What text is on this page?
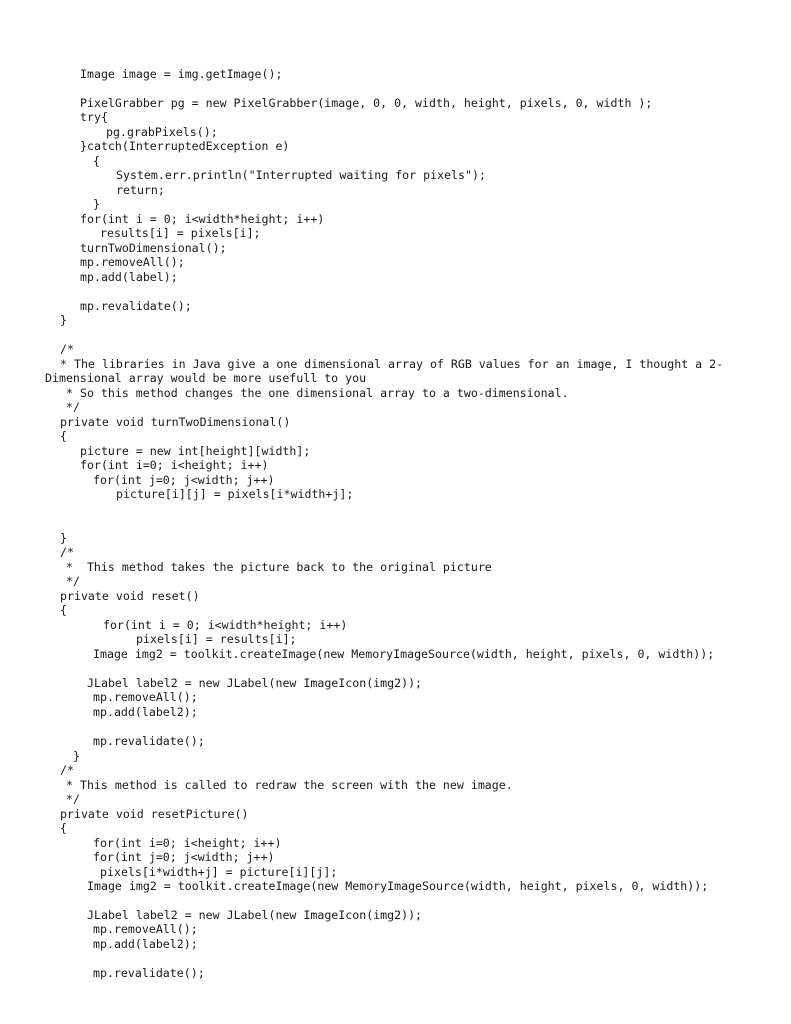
Image image = img.getImage();
PixelGrabber pg = new PixelGrabber(image, 0, 0, width, height, pixels, 0, width );
try{
pg.grabPixels();
}catch(InterruptedException e)
{
System.err.println("Interrupted waiting for pixels");
return;
}
for(int i = 0; i<width*height; i++)
results[i] = pixels[i];
turnTwoDimensional();
mp.removeAll();
mp.add(label);
mp.revalidate();
}
/*
* The libraries in Java give a one dimensional array of RGB values for an image, I thought a 2-
Dimensional array would be more usefull to you
* So this method changes the one dimensional array to a two-dimensional.
*/
private void turnTwoDimensional()
{
picture = new int[height][width];
for(int i=0; i<height; i++)
for(int j=0; j<width; j++)
picture[i][j] = pixels[i*width+j];
}
/*
*  This method takes the picture back to the original picture
*/
private void reset()
{
for(int i = 0; i<width*height; i++)
pixels[i] = results[i];
Image img2 = toolkit.createImage(new MemoryImageSource(width, height, pixels, 0, width));
JLabel label2 = new JLabel(new ImageIcon(img2));
mp.removeAll();
mp.add(label2);
mp.revalidate();
}
/*
* This method is called to redraw the screen with the new image.
*/
private void resetPicture()
{
for(int i=0; i<height; i++)
for(int j=0; j<width; j++)
pixels[i*width+j] = picture[i][j];
Image img2 = toolkit.createImage(new MemoryImageSource(width, height, pixels, 0, width));
JLabel label2 = new JLabel(new ImageIcon(img2));
mp.removeAll();
mp.add(label2);
mp.revalidate();
